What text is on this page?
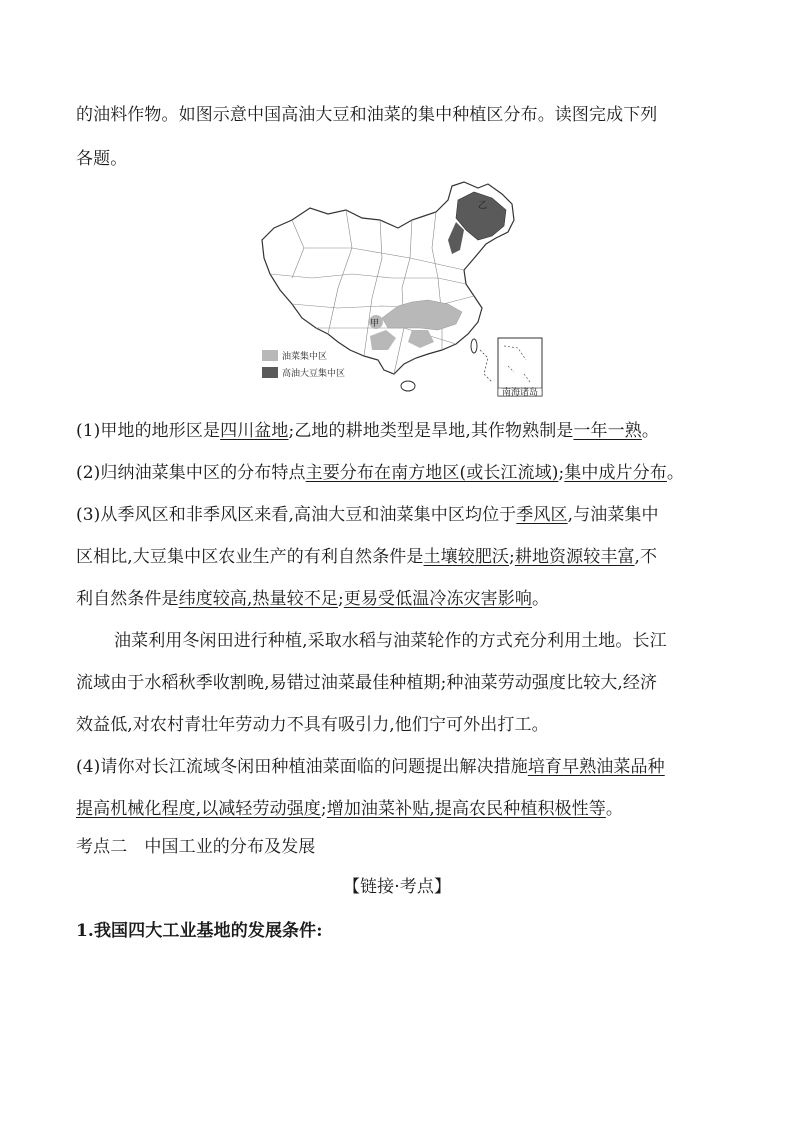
的油料作物。如图示意中国高油大豆和油菜的集中种植区分布。读图完成下列
各题。
甲
乙
南海诸岛
油菜集中区
高油大豆集中区
(1)甲地的地形区是四川盆地;乙地的耕地类型是旱地,其作物熟制是一年一熟。
(2)归纳油菜集中区的分布特点主要分布在南方地区(或长江流域);集中成片分布。
(3)从季风区和非季风区来看,高油大豆和油菜集中区均位于季风区,与油菜集中
区相比,大豆集中区农业生产的有利自然条件是土壤较肥沃;耕地资源较丰富,不
利自然条件是纬度较高,热量较不足;更易受低温冷冻灾害影响。
油菜利用冬闲田进行种植,采取水稻与油菜轮作的方式充分利用土地。长江
流域由于水稻秋季收割晚,易错过油菜最佳种植期;种油菜劳动强度比较大,经济
效益低,对农村青壮年劳动力不具有吸引力,他们宁可外出打工。
(4)请你对长江流域冬闲田种植油菜面临的问题提出解决措施培育早熟油菜品种
提高机械化程度,以减轻劳动强度;增加油菜补贴,提高农民种植积极性等。
考点二　中国工业的分布及发展
【链接·考点】
1.我国四大工业基地的发展条件:
